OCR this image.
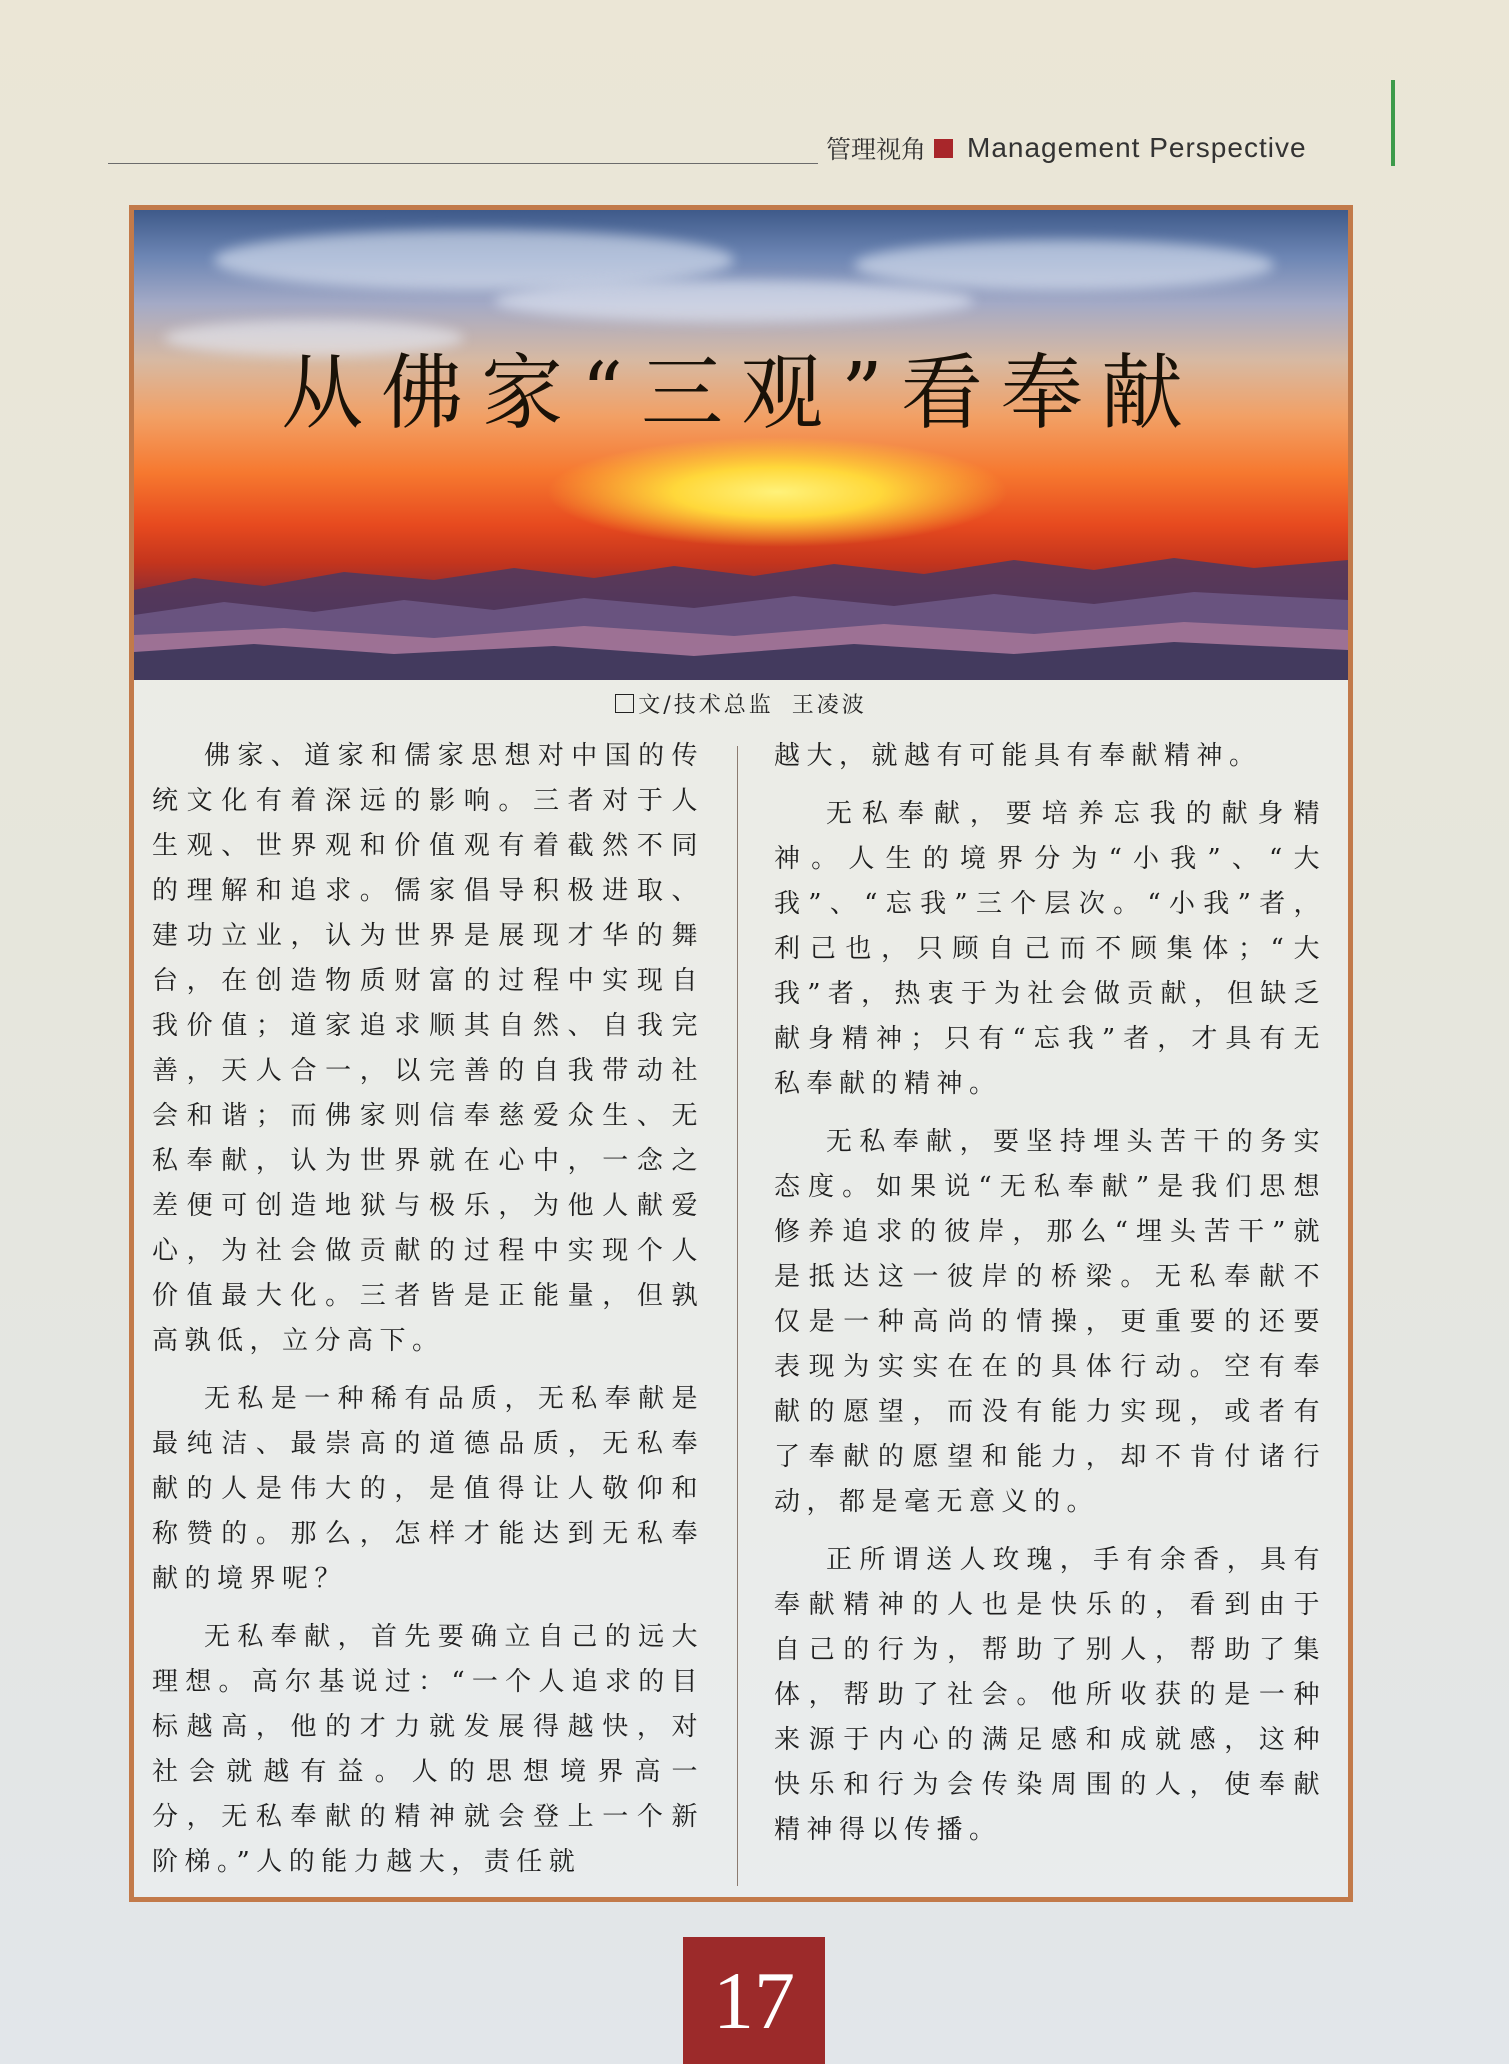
管理视角 Management Perspective
从佛家“三观”看奉献
文/技术总监 王凌波

佛家、道家和儒家思想对中国的传统文化有着深远的影响。三者对于人生观、世界观和价值观有着截然不同的理解和追求。儒家倡导积极进取、建功立业，认为世界是展现才华的舞台，在创造物质财富的过程中实现自我价值；道家追求顺其自然、自我完善，天人合一，以完善的自我带动社会和谐；而佛家则信奉慈爱众生、无私奉献，认为世界就在心中，一念之差便可创造地狱与极乐，为他人献爱心，为社会做贡献的过程中实现个人价值最大化。三者皆是正能量，但孰高孰低，立分高下。

无私是一种稀有品质，无私奉献是最纯洁、最崇高的道德品质，无私奉献的人是伟大的，是值得让人敬仰和称赞的。那么，怎样才能达到无私奉献的境界呢？

无私奉献，首先要确立自己的远大理想。高尔基说过：“一个人追求的目标越高，他的才力就发展得越快，对社会就越有益。人的思想境界高一分，无私奉献的精神就会登上一个新阶梯。”人的能力越大，责任就

越大，就越有可能具有奉献精神。

无私奉献，要培养忘我的献身精神。人生的境界分为“小我”、“大我”、“忘我”三个层次。“小我”者，利己也，只顾自己而不顾集体；“大我”者，热衷于为社会做贡献，但缺乏献身精神；只有“忘我”者，才具有无私奉献的精神。

无私奉献，要坚持埋头苦干的务实态度。如果说“无私奉献”是我们思想修养追求的彼岸，那么“埋头苦干”就是抵达这一彼岸的桥梁。无私奉献不仅是一种高尚的情操，更重要的还要表现为实实在在的具体行动。空有奉献的愿望，而没有能力实现，或者有了奉献的愿望和能力，却不肯付诸行动，都是毫无意义的。

正所谓送人玫瑰，手有余香，具有奉献精神的人也是快乐的，看到由于自己的行为，帮助了别人，帮助了集体，帮助了社会。他所收获的是一种来源于内心的满足感和成就感，这种快乐和行为会传染周围的人，使奉献精神得以传播。

17
